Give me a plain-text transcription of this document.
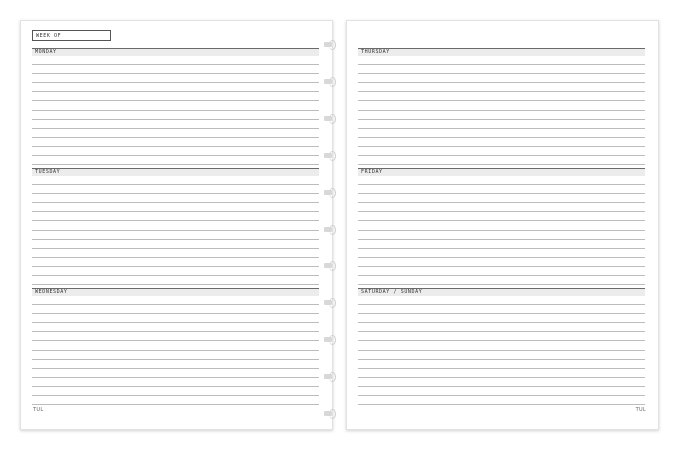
WEEK OF
MONDAY
TUESDAY
WEDNESDAY
TUL
THURSDAY
FRIDAY
SATURDAY / SUNDAY
TUL
